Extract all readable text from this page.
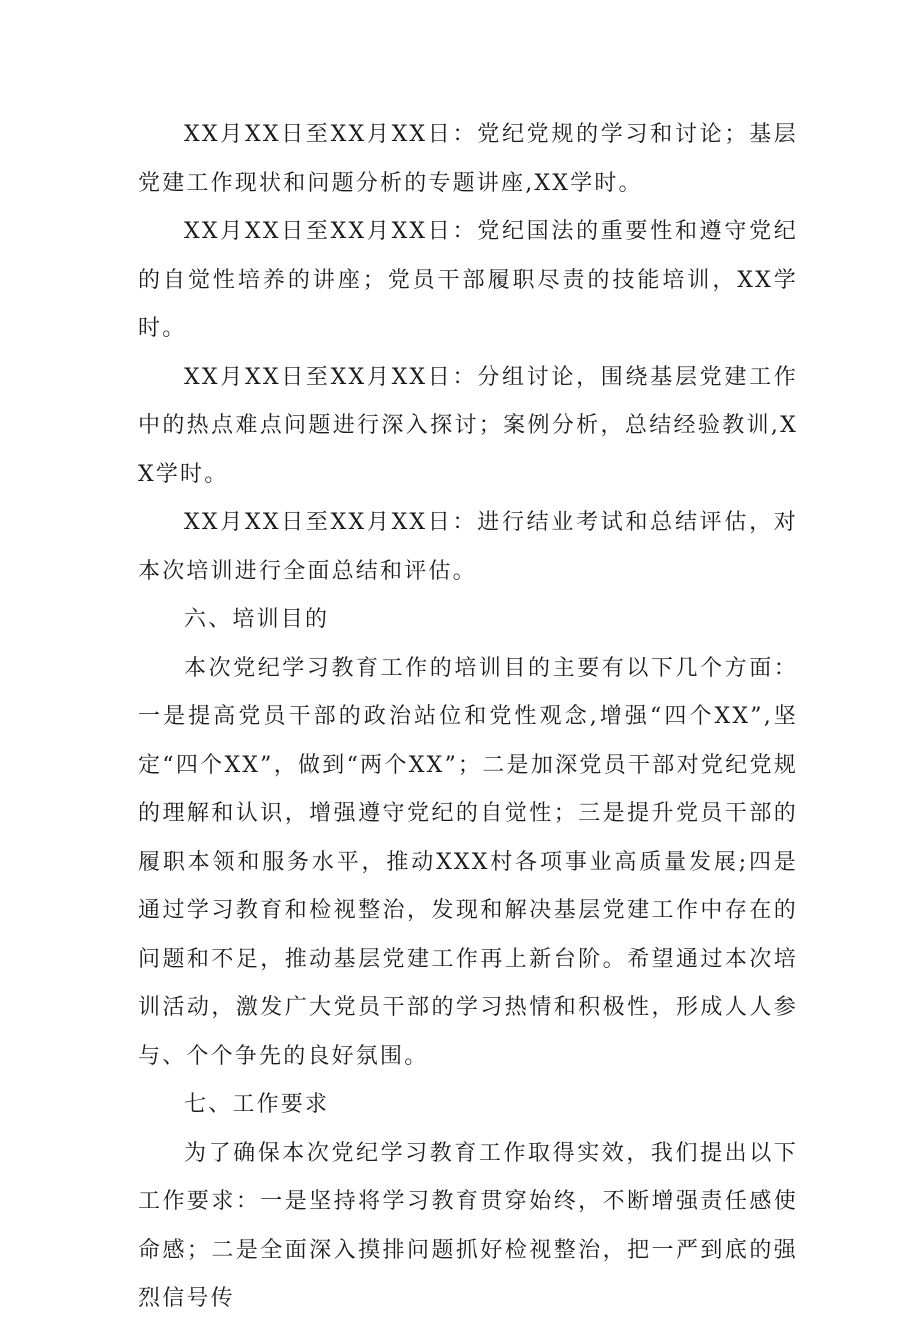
XX月XX日至XX月XX日：党纪党规的学习和讨论；基层党建工作现状和问题分析的专题讲座,XX学时。

XX月XX日至XX月XX日：党纪国法的重要性和遵守党纪的自觉性培养的讲座；党员干部履职尽责的技能培训，XX学时。

XX月XX日至XX月XX日：分组讨论，围绕基层党建工作中的热点难点问题进行深入探讨；案例分析，总结经验教训,XX学时。

XX月XX日至XX月XX日：进行结业考试和总结评估，对本次培训进行全面总结和评估。

六、培训目的

本次党纪学习教育工作的培训目的主要有以下几个方面：一是提高党员干部的政治站位和党性观念,增强“四个XX”,坚定“四个XX”，做到“两个XX”；二是加深党员干部对党纪党规的理解和认识，增强遵守党纪的自觉性；三是提升党员干部的履职本领和服务水平，推动XXX村各项事业高质量发展;四是通过学习教育和检视整治，发现和解决基层党建工作中存在的问题和不足，推动基层党建工作再上新台阶。希望通过本次培训活动，激发广大党员干部的学习热情和积极性，形成人人参与、个个争先的良好氛围。

七、工作要求

为了确保本次党纪学习教育工作取得实效，我们提出以下工作要求：一是坚持将学习教育贯穿始终，不断增强责任感使命感；二是全面深入摸排问题抓好检视整治，把一严到底的强烈信号传
